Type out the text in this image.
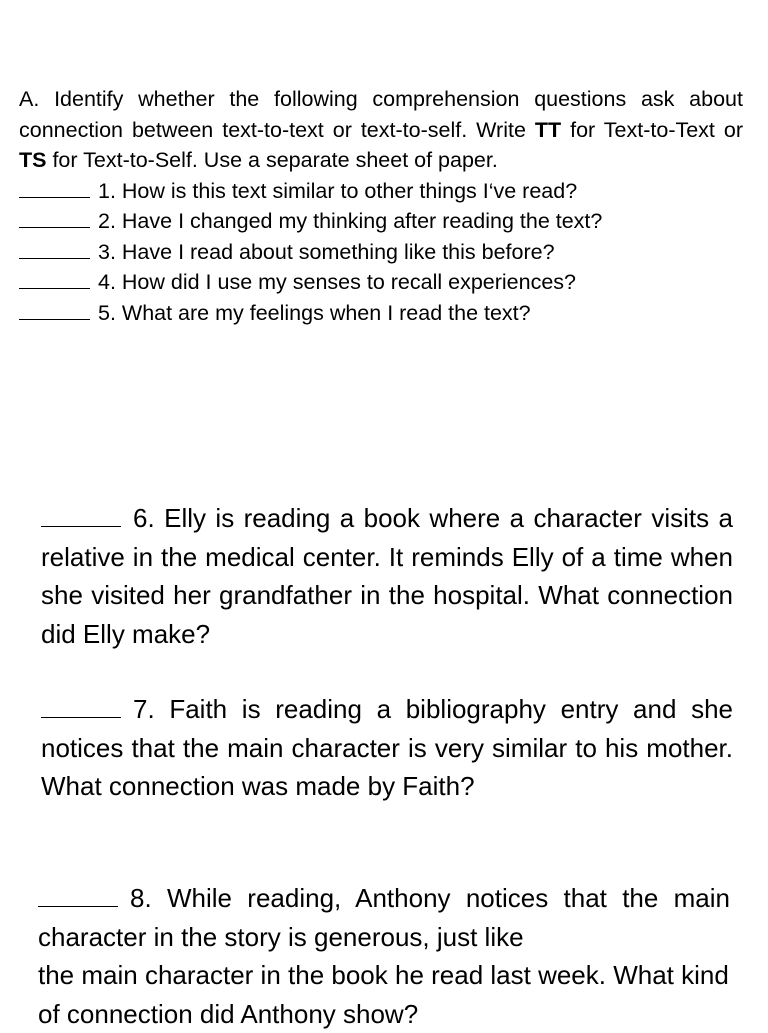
A. Identify whether the following comprehension questions ask about connection between text-to-text or text-to-self. Write TT for Text-to-Text or TS for Text-to-Self. Use a separate sheet of paper.

1. How is this text similar to other things I‘ve read?
2. Have I changed my thinking after reading the text?
3. Have I read about something like this before?
4. How did I use my senses to recall experiences?
5. What are my feelings when I read the text?

6. Elly is reading a book where a character visits a relative in the medical center. It reminds Elly of a time when she visited her grandfather in the hospital. What connection did Elly make?

7. Faith is reading a bibliography entry and she notices that the main character is very similar to his mother. What connection was made by Faith?

8. While reading, Anthony notices that the main character in the story is generous, just like
the main character in the book he read last week. What kind of connection did Anthony show?
